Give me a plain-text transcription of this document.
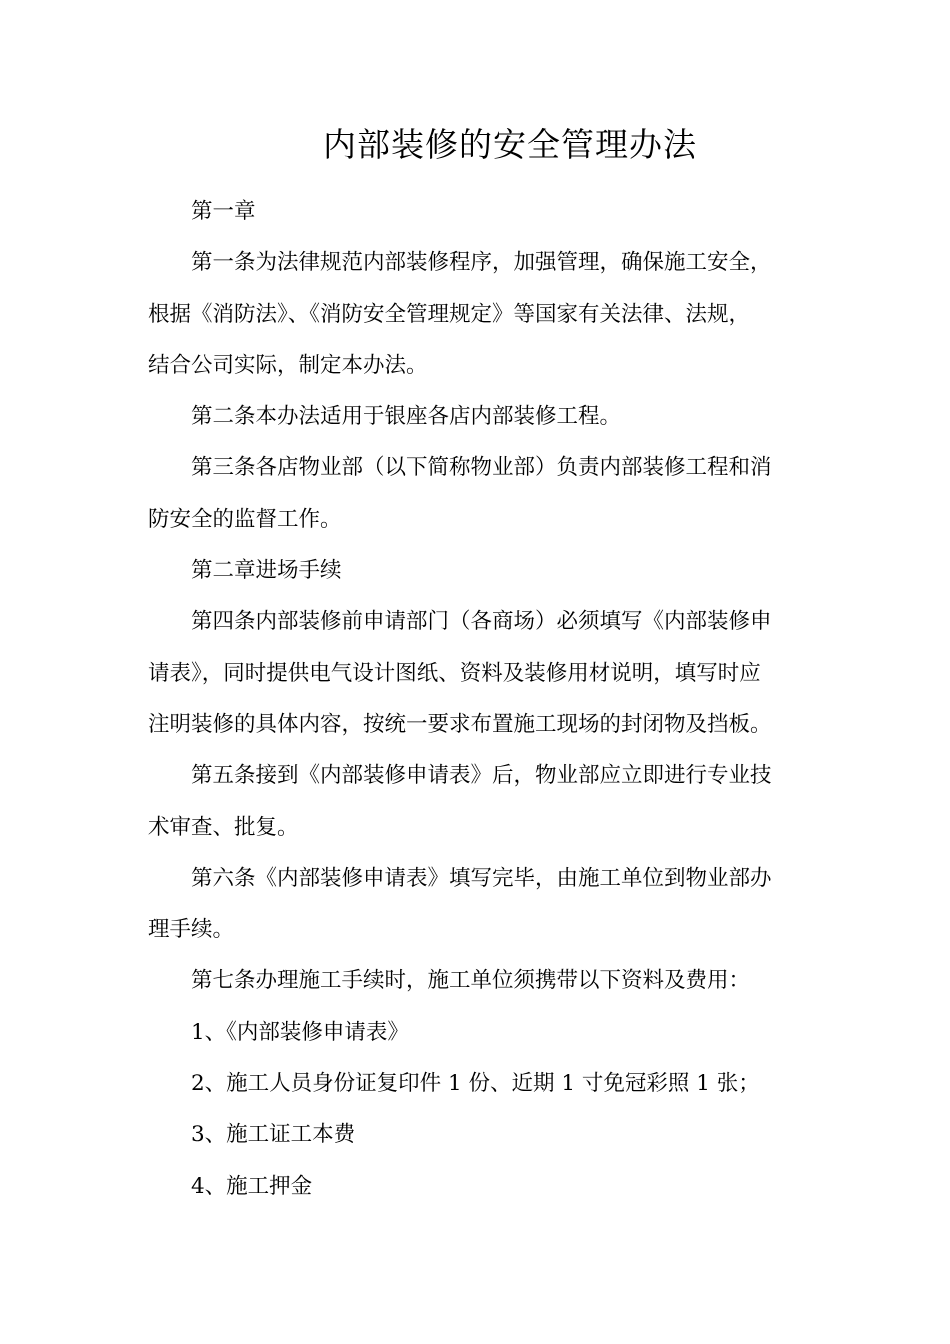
内部装修的安全管理办法

第一章

第一条为法律规范内部装修程序，加强管理，确保施工安全，
根据《消防法》、《消防安全管理规定》等国家有关法律、法规，
结合公司实际，制定本办法。
第二条本办法适用于银座各店内部装修工程。
第三条各店物业部（以下简称物业部）负责内部装修工程和消
防安全的监督工作。

第二章进场手续

第四条内部装修前申请部门（各商场）必须填写《内部装修申
请表》，同时提供电气设计图纸、资料及装修用材说明，填写时应
注明装修的具体内容，按统一要求布置施工现场的封闭物及挡板。
第五条接到《内部装修申请表》后，物业部应立即进行专业技
术审查、批复。
第六条《内部装修申请表》填写完毕，由施工单位到物业部办
理手续。
第七条办理施工手续时，施工单位须携带以下资料及费用：

1、《内部装修申请表》

2、施工人员身份证复印件 1 份、近期 1 寸免冠彩照 1 张；

3、施工证工本费

4、施工押金
